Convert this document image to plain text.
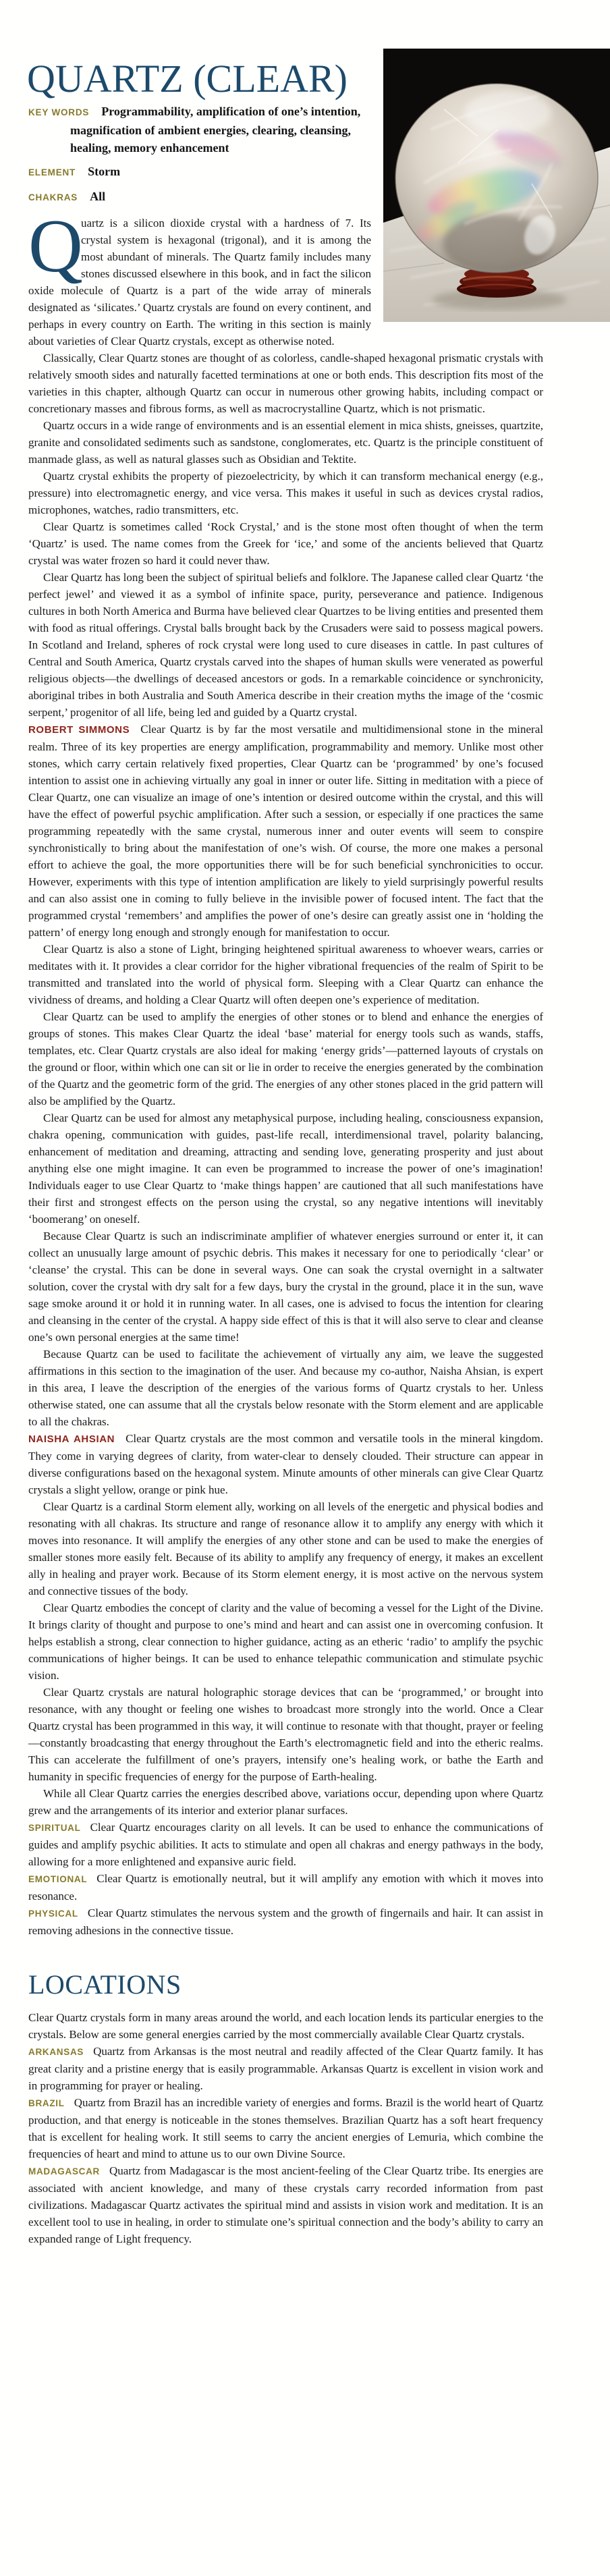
QUARTZ (CLEAR)
KEY WORDS Programmability, amplification of one’s intention, magnification of ambient energies, clearing, cleansing, healing, memory enhancement
ELEMENT Storm
CHAKRAS All

Q
uartz is a silicon dioxide crystal with a hardness of 7. Its crystal system is hexagonal (trigonal), and it is among the most abundant of minerals. The Quartz family includes many stones discussed elsewhere in this book, and in fact the silicon oxide molecule of Quartz is a part of the wide array of minerals designated as ‘silicates.’ Quartz crystals are found on every continent, and perhaps in every country on Earth. The writing in this section is mainly about varieties of Clear Quartz crystals, except as otherwise noted.

Classically, Clear Quartz stones are thought of as colorless, candle-shaped hexagonal prismatic crystals with relatively smooth sides and naturally facetted terminations at one or both ends. This description fits most of the varieties in this chapter, although Quartz can occur in numerous other growing habits, including compact or concretionary masses and fibrous forms, as well as macrocrystalline Quartz, which is not prismatic.

Quartz occurs in a wide range of environments and is an essential element in mica shists, gneisses, quartzite, granite and consolidated sediments such as sandstone, conglomerates, etc. Quartz is the principle constituent of manmade glass, as well as natural glasses such as Obsidian and Tektite.

Quartz crystal exhibits the property of piezoelectricity, by which it can transform mechanical energy (e.g., pressure) into electromagnetic energy, and vice versa. This makes it useful in such as devices crystal radios, microphones, watches, radio transmitters, etc.

Clear Quartz is sometimes called ‘Rock Crystal,’ and is the stone most often thought of when the term ‘Quartz’ is used. The name comes from the Greek for ‘ice,’ and some of the ancients believed that Quartz crystal was water frozen so hard it could never thaw.

Clear Quartz has long been the subject of spiritual beliefs and folklore. The Japanese called clear Quartz ‘the perfect jewel’ and viewed it as a symbol of infinite space, purity, perseverance and patience. Indigenous cultures in both North America and Burma have believed clear Quartzes to be living entities and presented them with food as ritual offerings. Crystal balls brought back by the Crusaders were said to possess magical powers. In Scotland and Ireland, spheres of rock crystal were long used to cure diseases in cattle. In past cultures of Central and South America, Quartz crystals carved into the shapes of human skulls were venerated as powerful religious objects—the dwellings of deceased ancestors or gods. In a remarkable coincidence or synchronicity, aboriginal tribes in both Australia and South America describe in their creation myths the image of the ‘cosmic serpent,’ progenitor of all life, being led and guided by a Quartz crystal.

ROBERT SIMMONS Clear Quartz is by far the most versatile and multidimensional stone in the mineral realm. Three of its key properties are energy amplification, programmability and memory. Unlike most other stones, which carry certain relatively fixed properties, Clear Quartz can be ‘programmed’ by one’s focused intention to assist one in achieving virtually any goal in inner or outer life. Sitting in meditation with a piece of Clear Quartz, one can visualize an image of one’s intention or desired outcome within the crystal, and this will have the effect of powerful psychic amplification. After such a session, or especially if one practices the same programming repeatedly with the same crystal, numerous inner and outer events will seem to conspire synchronistically to bring about the manifestation of one’s wish. Of course, the more one makes a personal effort to achieve the goal, the more opportunities there will be for such beneficial synchronicities to occur. However, experiments with this type of intention amplification are likely to yield surprisingly powerful results and can also assist one in coming to fully believe in the invisible power of focused intent. The fact that the programmed crystal ‘remembers’ and amplifies the power of one’s desire can greatly assist one in ‘holding the pattern’ of energy long enough and strongly enough for manifestation to occur.

Clear Quartz is also a stone of Light, bringing heightened spiritual awareness to whoever wears, carries or meditates with it. It provides a clear corridor for the higher vibrational frequencies of the realm of Spirit to be transmitted and translated into the world of physical form. Sleeping with a Clear Quartz can enhance the vividness of dreams, and holding a Clear Quartz will often deepen one’s experience of meditation.

Clear Quartz can be used to amplify the energies of other stones or to blend and enhance the energies of groups of stones. This makes Clear Quartz the ideal ‘base’ material for energy tools such as wands, staffs, templates, etc. Clear Quartz crystals are also ideal for making ‘energy grids’—patterned layouts of crystals on the ground or floor, within which one can sit or lie in order to receive the energies generated by the combination of the Quartz and the geometric form of the grid. The energies of any other stones placed in the grid pattern will also be amplified by the Quartz.

Clear Quartz can be used for almost any metaphysical purpose, including healing, consciousness expansion, chakra opening, communication with guides, past-life recall, interdimensional travel, polarity balancing, enhancement of meditation and dreaming, attracting and sending love, generating prosperity and just about anything else one might imagine. It can even be programmed to increase the power of one’s imagination! Individuals eager to use Clear Quartz to ‘make things happen’ are cautioned that all such manifestations have their first and strongest effects on the person using the crystal, so any negative intentions will inevitably ‘boomerang’ on oneself.

Because Clear Quartz is such an indiscriminate amplifier of whatever energies surround or enter it, it can collect an unusually large amount of psychic debris. This makes it necessary for one to periodically ‘clear’ or ‘cleanse’ the crystal. This can be done in several ways. One can soak the crystal overnight in a saltwater solution, cover the crystal with dry salt for a few days, bury the crystal in the ground, place it in the sun, wave sage smoke around it or hold it in running water. In all cases, one is advised to focus the intention for clearing and cleansing in the center of the crystal. A happy side effect of this is that it will also serve to clear and cleanse one’s own personal energies at the same time!

Because Quartz can be used to facilitate the achievement of virtually any aim, we leave the suggested affirmations in this section to the imagination of the user. And because my co-author, Naisha Ahsian, is expert in this area, I leave the description of the energies of the various forms of Quartz crystals to her. Unless otherwise stated, one can assume that all the crystals below resonate with the Storm element and are applicable to all the chakras.

NAISHA AHSIAN Clear Quartz crystals are the most common and versatile tools in the mineral kingdom. They come in varying degrees of clarity, from water-clear to densely clouded. Their structure can appear in diverse configurations based on the hexagonal system. Minute amounts of other minerals can give Clear Quartz crystals a slight yellow, orange or pink hue.

Clear Quartz is a cardinal Storm element ally, working on all levels of the energetic and physical bodies and resonating with all chakras. Its structure and range of resonance allow it to amplify any energy with which it moves into resonance. It will amplify the energies of any other stone and can be used to make the energies of smaller stones more easily felt. Because of its ability to amplify any frequency of energy, it makes an excellent ally in healing and prayer work. Because of its Storm element energy, it is most active on the nervous system and connective tissues of the body.

Clear Quartz embodies the concept of clarity and the value of becoming a vessel for the Light of the Divine. It brings clarity of thought and purpose to one’s mind and heart and can assist one in overcoming confusion. It helps establish a strong, clear connection to higher guidance, acting as an etheric ‘radio’ to amplify the psychic communications of higher beings. It can be used to enhance telepathic communication and stimulate psychic vision.

Clear Quartz crystals are natural holographic storage devices that can be ‘programmed,’ or brought into resonance, with any thought or feeling one wishes to broadcast more strongly into the world. Once a Clear Quartz crystal has been programmed in this way, it will continue to resonate with that thought, prayer or feeling—constantly broadcasting that energy throughout the Earth’s electromagnetic field and into the etheric realms. This can accelerate the fulfillment of one’s prayers, intensify one’s healing work, or bathe the Earth and humanity in specific frequencies of energy for the purpose of Earth-healing.

While all Clear Quartz carries the energies described above, variations occur, depending upon where Quartz grew and the arrangements of its interior and exterior planar surfaces.

SPIRITUAL Clear Quartz encourages clarity on all levels. It can be used to enhance the communications of guides and amplify psychic abilities. It acts to stimulate and open all chakras and energy pathways in the body, allowing for a more enlightened and expansive auric field.

EMOTIONAL Clear Quartz is emotionally neutral, but it will amplify any emotion with which it moves into resonance.

PHYSICAL Clear Quartz stimulates the nervous system and the growth of fingernails and hair. It can assist in removing adhesions in the connective tissue.

LOCATIONS

Clear Quartz crystals form in many areas around the world, and each location lends its particular energies to the crystals. Below are some general energies carried by the most commercially available Clear Quartz crystals.

ARKANSAS Quartz from Arkansas is the most neutral and readily affected of the Clear Quartz family. It has great clarity and a pristine energy that is easily programmable. Arkansas Quartz is excellent in vision work and in programming for prayer or healing.

BRAZIL Quartz from Brazil has an incredible variety of energies and forms. Brazil is the world heart of Quartz production, and that energy is noticeable in the stones themselves. Brazilian Quartz has a soft heart frequency that is excellent for healing work. It still seems to carry the ancient energies of Lemuria, which combine the frequencies of heart and mind to attune us to our own Divine Source.

MADAGASCAR Quartz from Madagascar is the most ancient-feeling of the Clear Quartz tribe. Its energies are associated with ancient knowledge, and many of these crystals carry recorded information from past civilizations. Madagascar Quartz activates the spiritual mind and assists in vision work and meditation. It is an excellent tool to use in healing, in order to stimulate one’s spiritual connection and the body’s ability to carry an expanded range of Light frequency.
